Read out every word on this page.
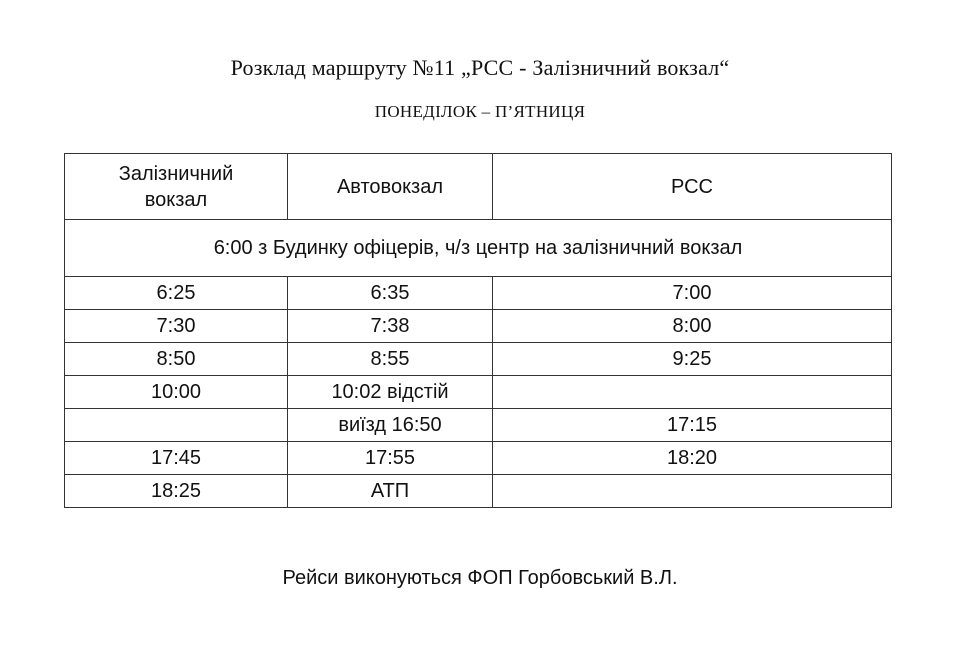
Розклад маршруту №11 „РСС - Залізничний вокзал“
ПОНЕДІЛОК – П’ЯТНИЦЯ
Залізничний вокзал	Автовокзал	РСС
6:00 з Будинку офіцерів, ч/з центр на залізничний вокзал		
6:25	6:35	7:00
7:30	7:38	8:00
8:50	8:55	9:25
10:00	10:02 відстій	
	виїзд 16:50	17:15
17:45	17:55	18:20
18:25	АТП	
Рейси виконуються ФОП Горбовський В.Л.
